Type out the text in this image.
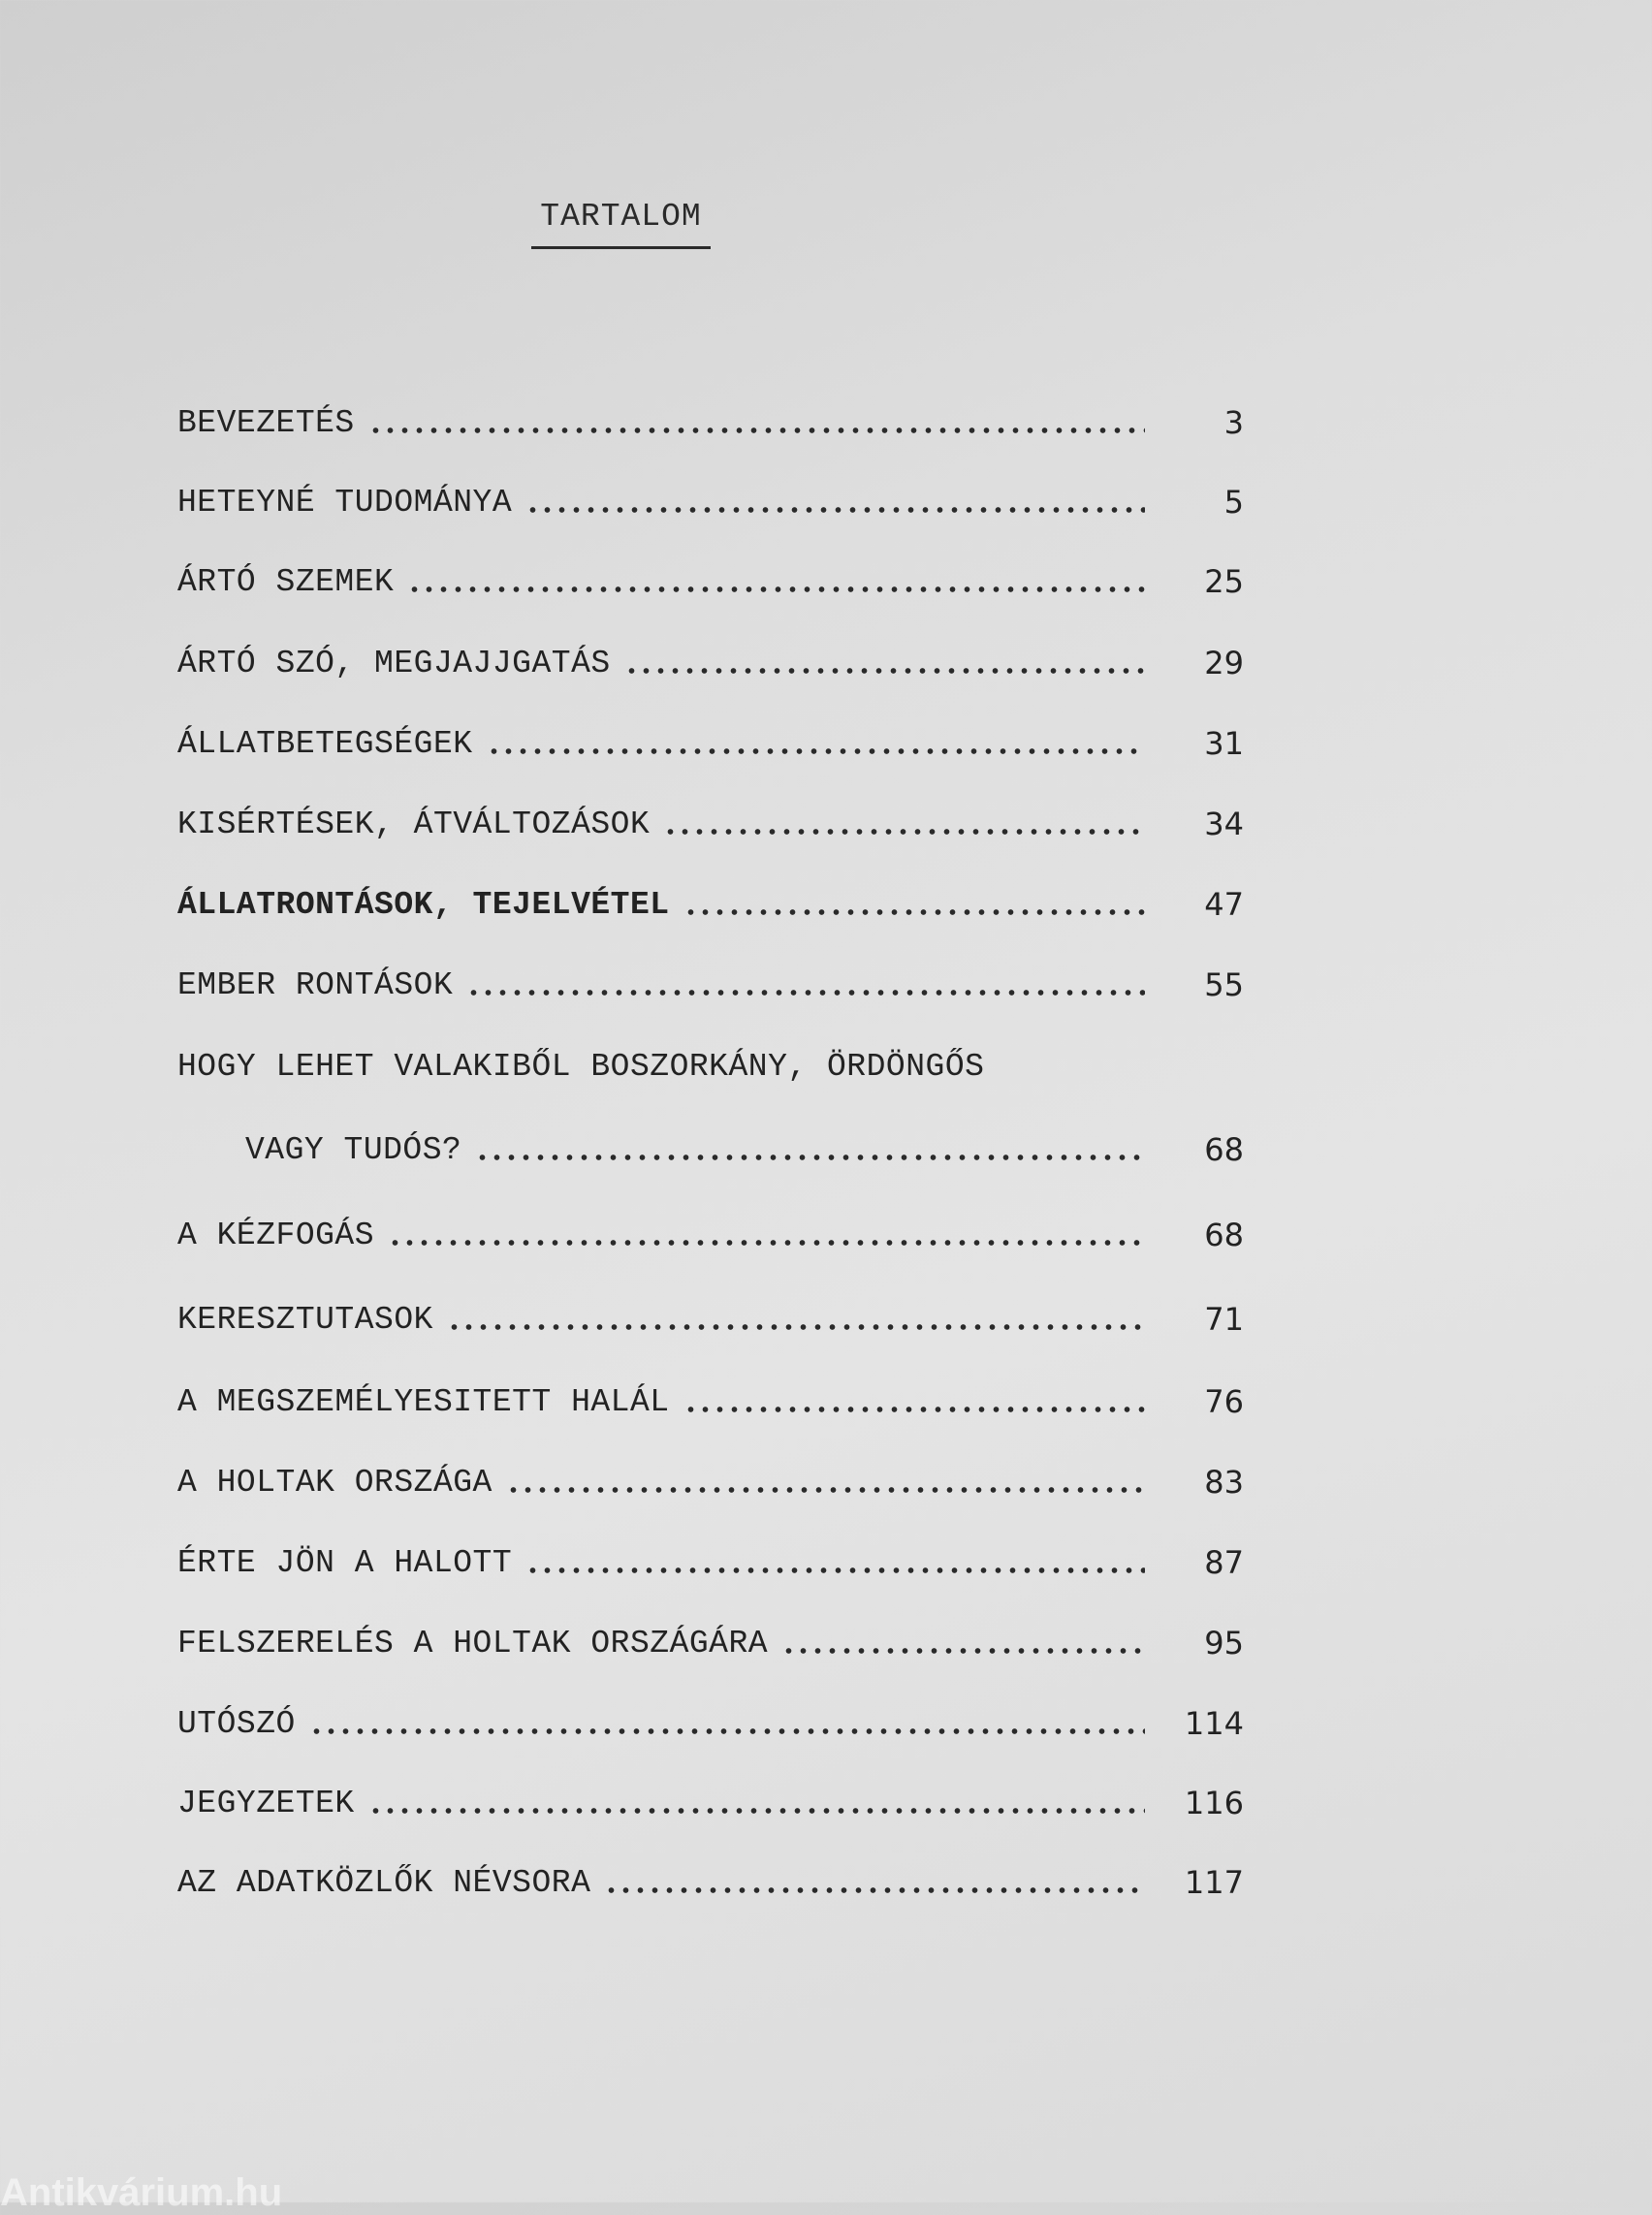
TARTALOM
BEVEZETÉS	3
HETEYNÉ TUDOMÁNYA	5
ÁRTÓ SZEMEK	25
ÁRTÓ SZÓ, MEGJAJJGATÁS	29
ÁLLATBETEGSÉGEK	31
KISÉRTÉSEK, ÁTVÁLTOZÁSOK	34
ÁLLATRONTÁSOK, TEJELVÉTEL	47
EMBER RONTÁSOK	55
HOGY LEHET VALAKIBŐL BOSZORKÁNY, ÖRDÖNGŐS
VAGY TUDÓS?	68
A KÉZFOGÁS	68
KERESZTUTASOK	71
A MEGSZEMÉLYESITETT HALÁL	76
A HOLTAK ORSZÁGA	83
ÉRTE JÖN A HALOTT	87
FELSZERELÉS A HOLTAK ORSZÁGÁRA	95
UTÓSZÓ	114
JEGYZETEK	116
AZ ADATKÖZLŐK NÉVSORA	117
Antikvárium.hu
